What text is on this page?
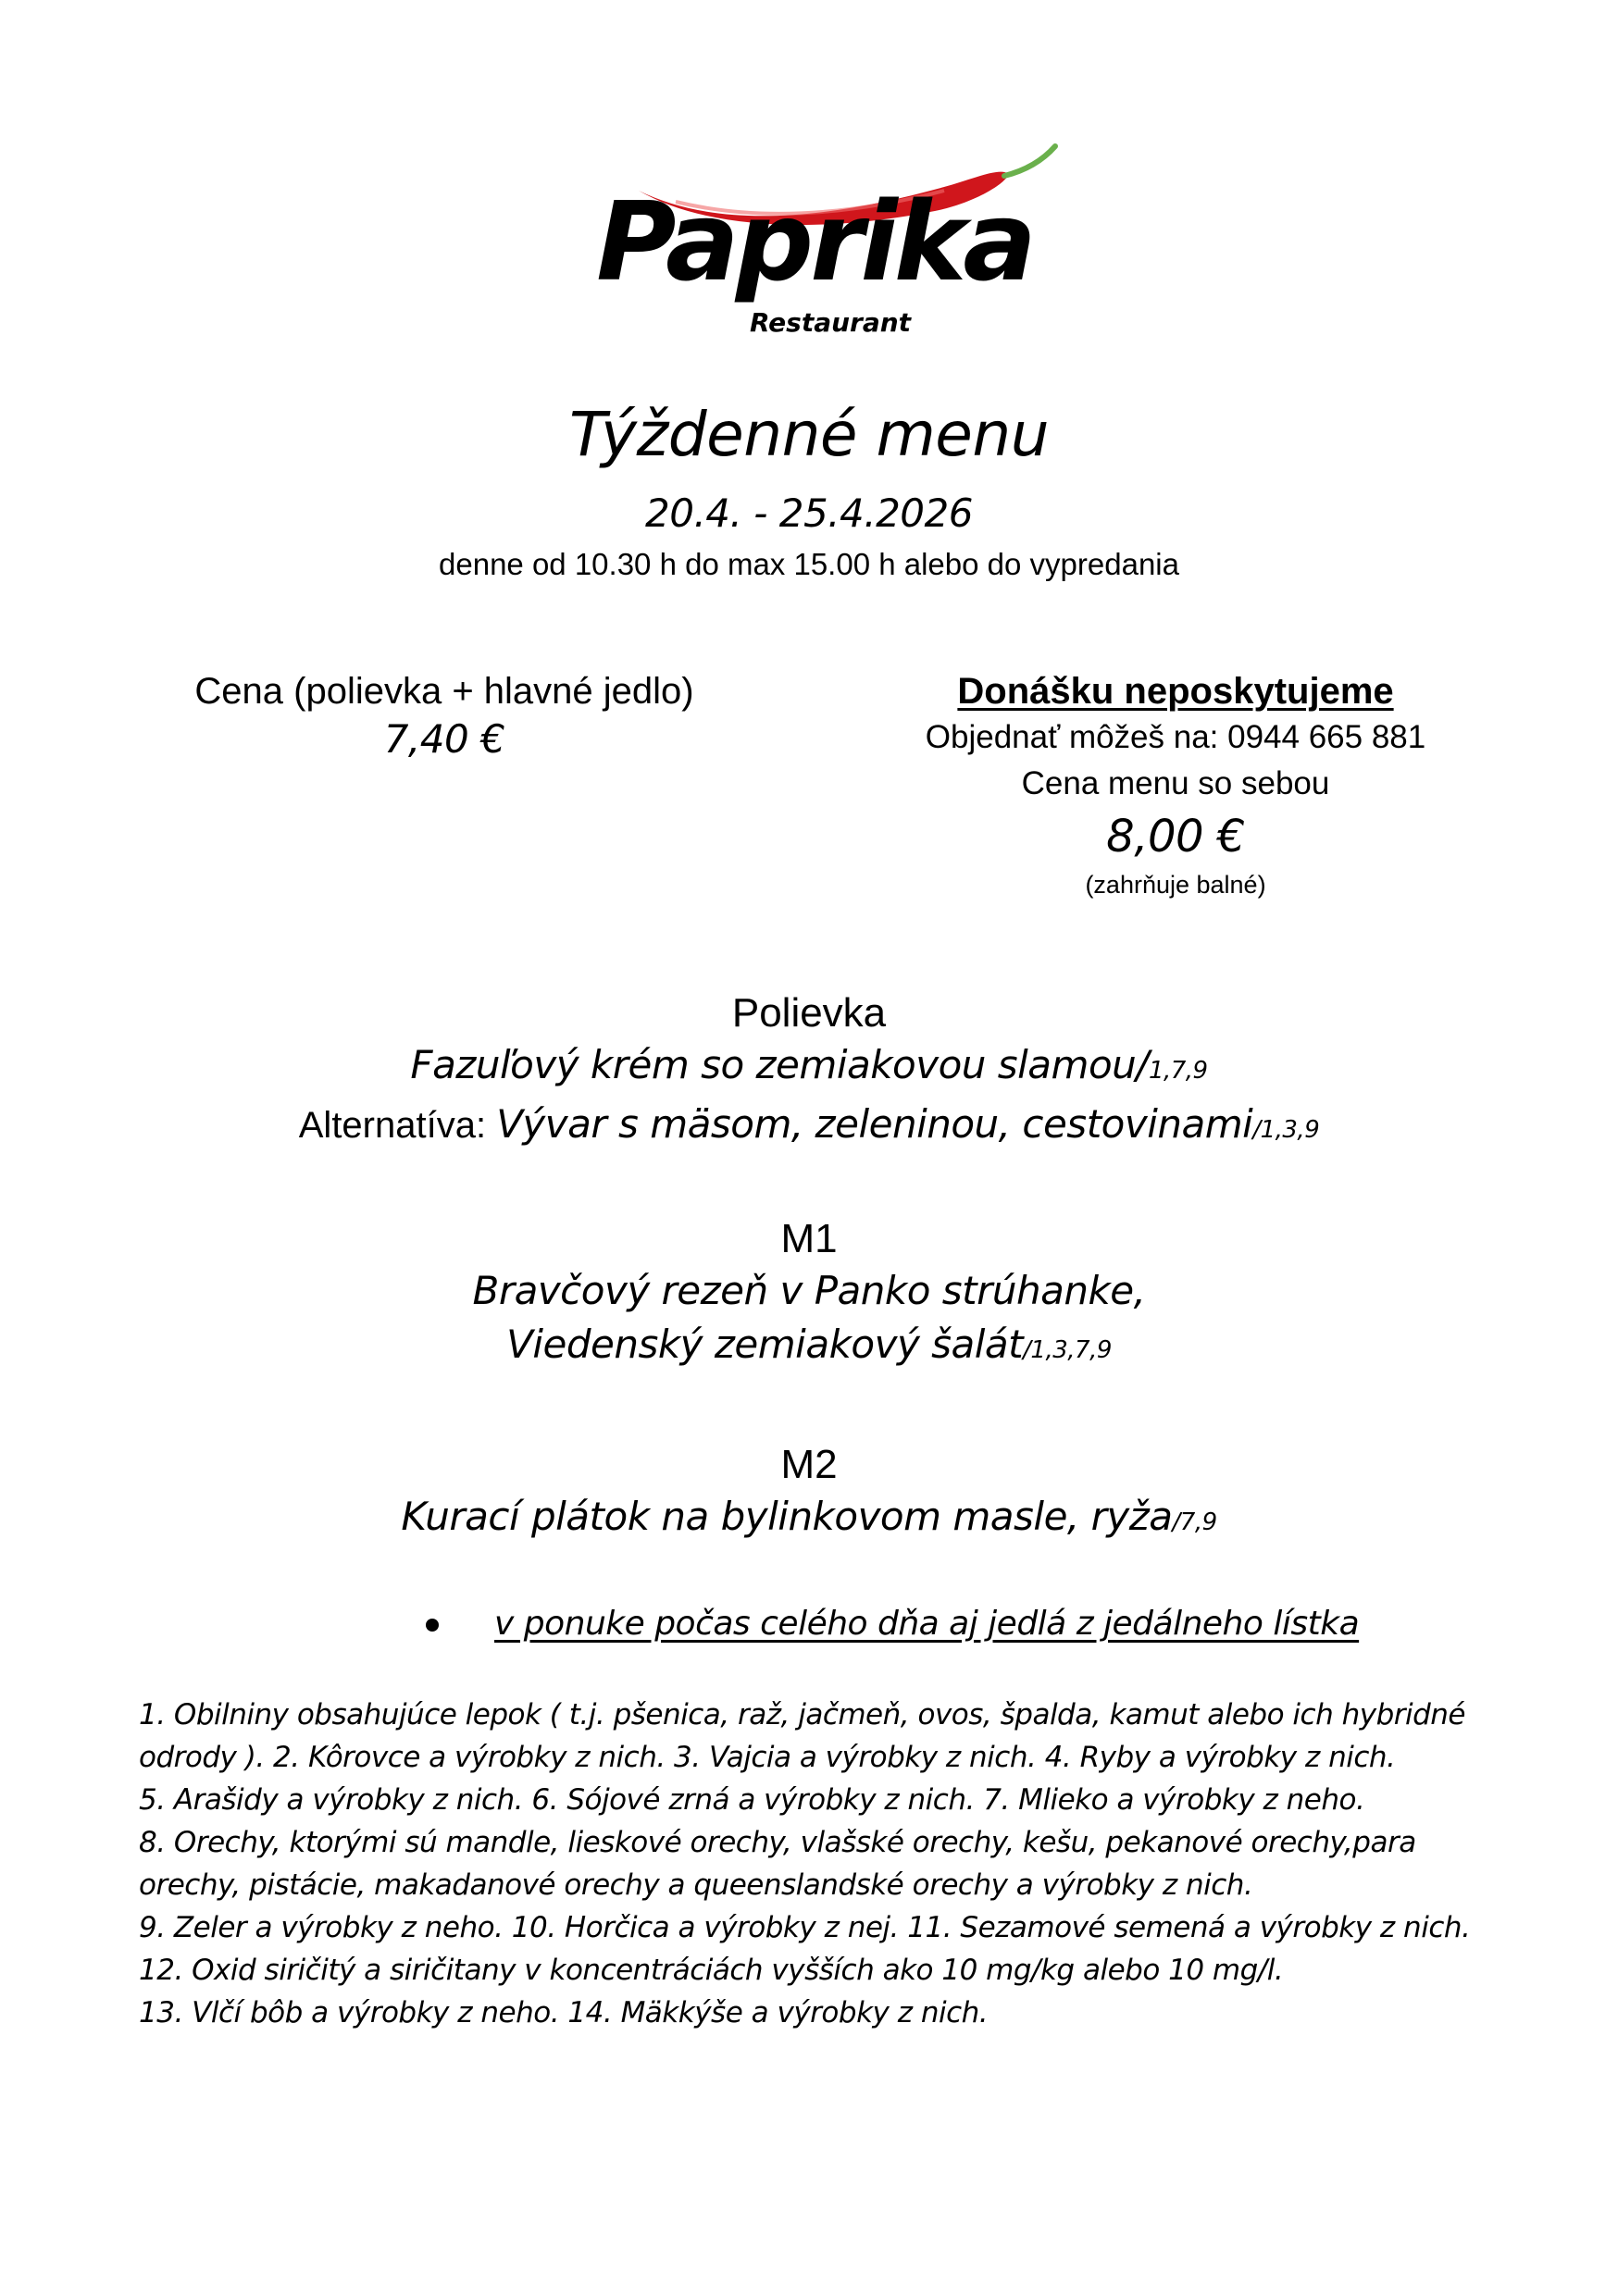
Paprika
Restaurant
Týždenné menu
20.4. - 25.4.2026
denne od 10.30 h do max 15.00 h alebo do vypredania
Cena (polievka + hlavné jedlo)
7,40 €
Donášku neposkytujeme
Objednať môžeš na: 0944 665 881
Cena menu so sebou
8,00 €
(zahrňuje balné)
Polievka
Fazuľový krém so zemiakovou slamou/1,7,9
Alternatíva: Vývar s mäsom, zeleninou, cestovinami/1,3,9
M1
Bravčový rezeň v Panko strúhanke,
Viedenský zemiakový šalát/1,3,7,9
M2
Kurací plátok na bylinkovom masle, ryža/7,9
v ponuke počas celého dňa aj jedlá z jedálneho lístka
1. Obilniny obsahujúce lepok ( t.j. pšenica, raž, jačmeň, ovos, špalda, kamut alebo ich hybridné
odrody ). 2. Kôrovce a výrobky z nich. 3. Vajcia a výrobky z nich. 4. Ryby a výrobky z nich.
5. Arašidy a výrobky z nich. 6. Sójové zrná a výrobky z nich. 7. Mlieko a výrobky z neho.
8. Orechy, ktorými sú mandle, lieskové orechy, vlašské orechy, kešu, pekanové orechy,para
orechy, pistácie, makadanové orechy a queenslandské orechy a výrobky z nich.
9. Zeler a výrobky z neho. 10. Horčica a výrobky z nej. 11. Sezamové semená a výrobky z nich.
12. Oxid siričitý a siričitany v koncentráciách vyšších ako 10 mg/kg alebo 10 mg/l.
13. Vlčí bôb a výrobky z neho. 14. Mäkkýše a výrobky z nich.
